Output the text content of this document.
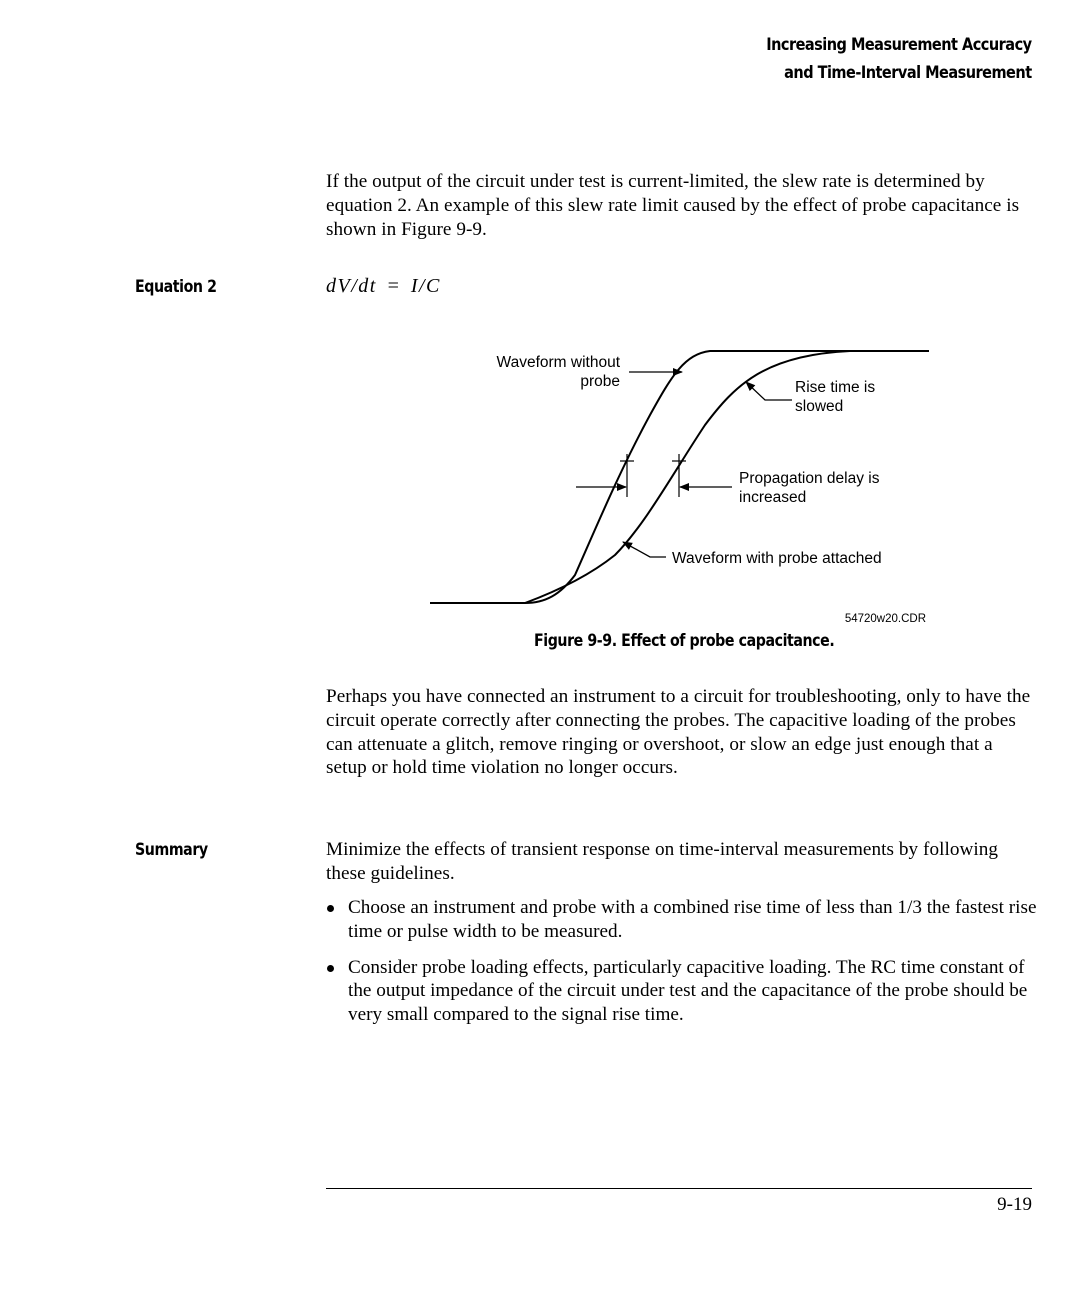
Increasing Measurement Accuracy
and Time-Interval Measurement

If the output of the circuit under test is current-limited, the slew rate is determined by equation 2. An example of this slew rate limit caused by the effect of probe capacitance is shown in Figure 9-9.

Equation 2	dV/dt = I/C
Waveform without
probe	Rise time is
slowed
Propagation delay is
increased
Waveform with probe attached
54720w20.CDR
Figure 9-9. Effect of probe capacitance.

Perhaps you have connected an instrument to a circuit for troubleshooting, only to have the circuit operate correctly after connecting the probes. The capacitive loading of the probes can attenuate a glitch, remove ringing or overshoot, or slow an edge just enough that a setup or hold time violation no longer occurs.

Summary	Minimize the effects of transient response on time-interval measurements by following these guidelines.

Choose an instrument and probe with a combined rise time of less than 1/3 the fastest rise time or pulse width to be measured.
Consider probe loading effects, particularly capacitive loading. The RC time constant of the output impedance of the circuit under test and the capacitance of the probe should be very small compared to the signal rise time.
9-19
